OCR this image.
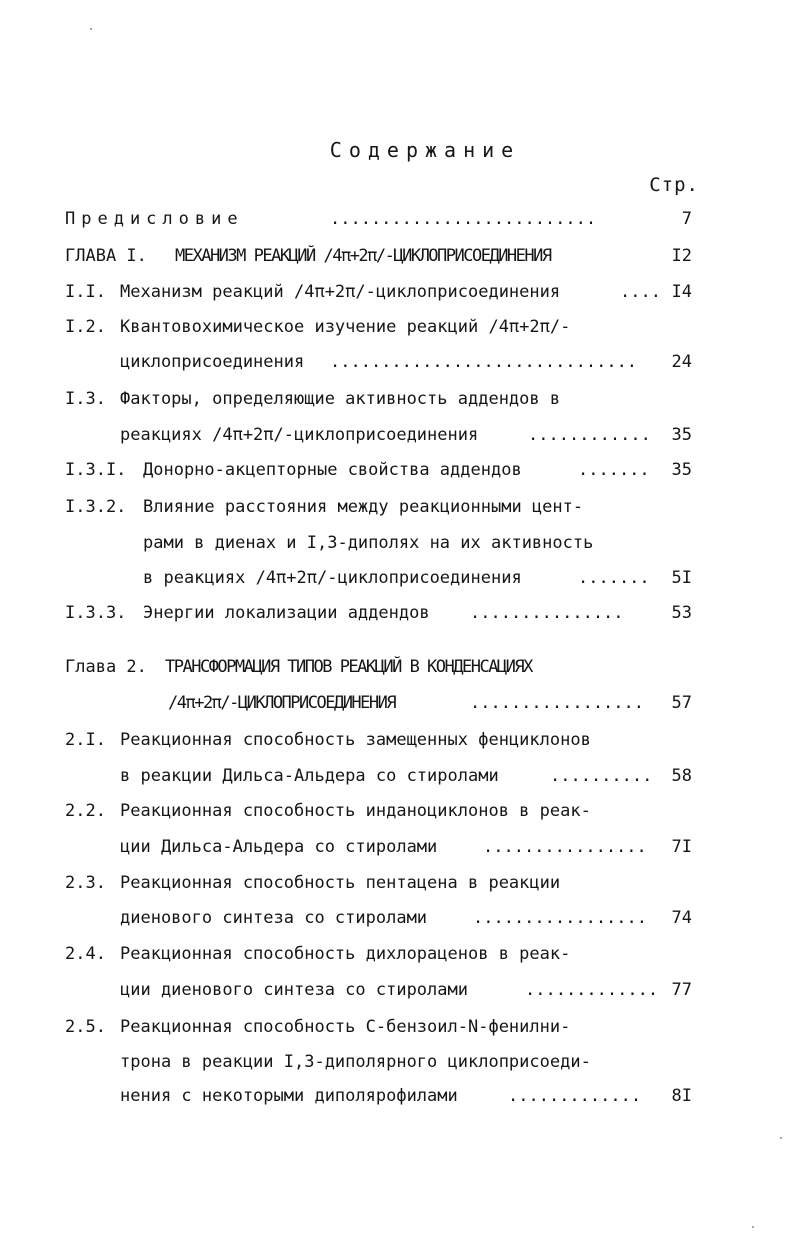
Содержание
Стр.
Предисловие	..........................	7
ГЛАВА I. МЕХАНИЗМ РЕАКЦИЙ /4π+2π/-ЦИКЛОПРИСОЕДИНЕНИЯ	I2
I.I. Механизм реакций /4π+2π/-циклоприсоединения	.... I4
I.2. Квантовохимическое изучение реакций /4π+2π/-
циклоприсоединения .............................. 24
I.3. Факторы, определяющие активность аддендов в
реакциях /4π+2π/-циклоприсоединения	............ 35
I.3.I. Донорно-акцепторные свойства аддендов	....... 35
I.3.2. Влияние расстояния между реакционными цент-
рами в диенах и I,3-диполях на их активность
в реакциях /4π+2π/-циклоприсоединения	....... 5I
I.3.3. Энергии локализации аддендов ...............	53
Глава 2. ТРАНСФОРМАЦИЯ ТИПОВ РЕАКЦИЙ В КОНДЕНСАЦИЯХ
/4π+2π/-ЦИКЛОПРИСОЕДИНЕНИЯ	................. 57
2.I. Реакционная способность замещенных фенциклонов
в реакции Дильса-Альдера со стиролами	.......... 58
2.2. Реакционная способность инданоциклонов в реак-
ции Дильса-Альдера со стиролами	................ 7I
2.3. Реакционная способность пентацена в реакции
диенового синтеза со стиролами	................. 74
2.4. Реакционная способность дихлораценов в реак-
ции диенового синтеза со стиролами	............. 77
2.5. Реакционная способность С-бензоил-N-фенилни-
трона в реакции I,3-диполярного циклоприсоеди-
нения с некоторыми диполярофилами	............. 8I
